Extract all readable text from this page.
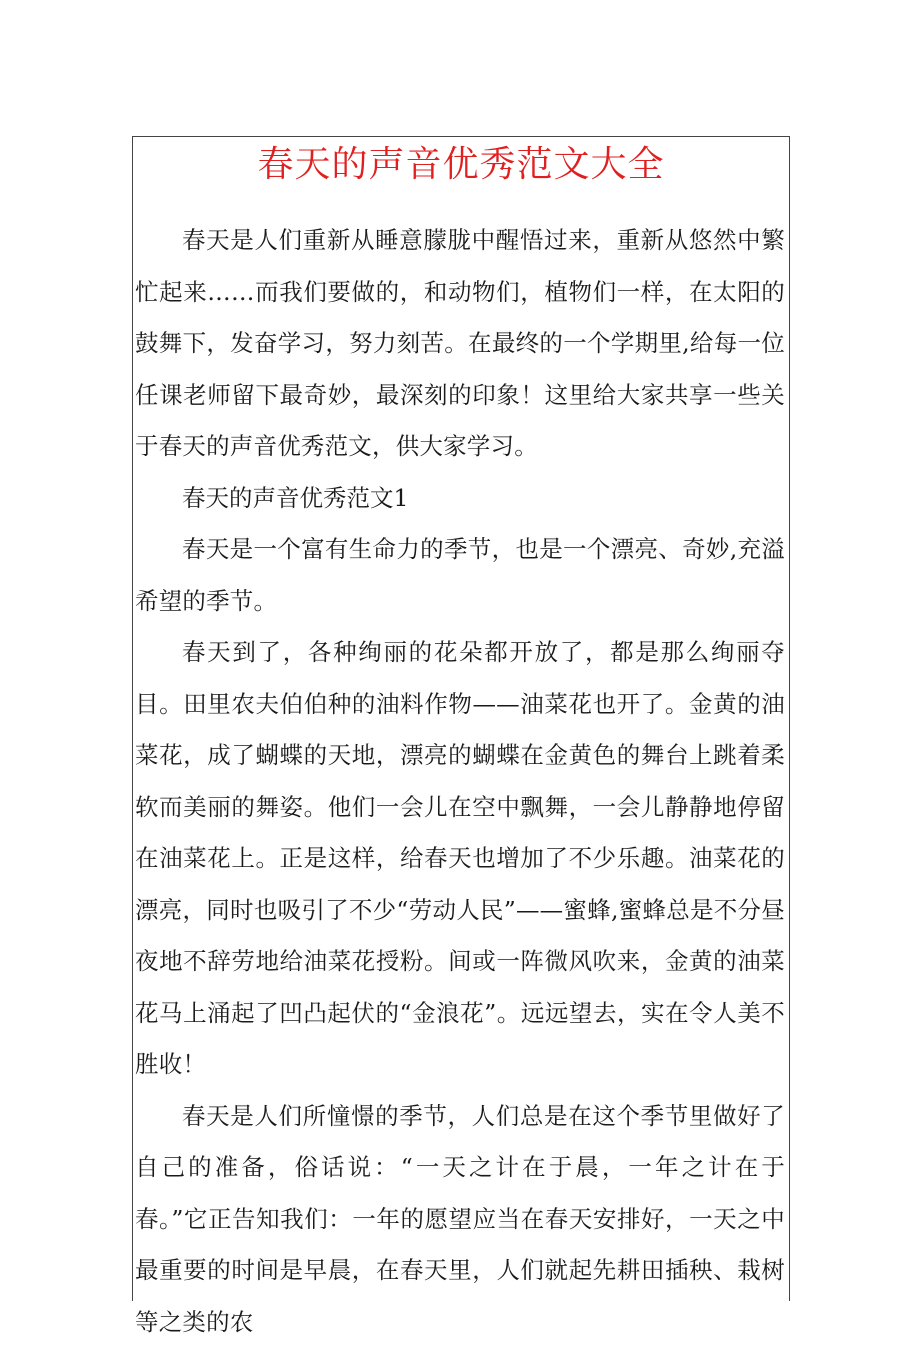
春天的声音优秀范文大全

春天是人们重新从睡意朦胧中醒悟过来，重新从悠然中繁忙起来……而我们要做的，和动物们，植物们一样，在太阳的鼓舞下，发奋学习，努力刻苦。在最终的一个学期里,给每一位任课老师留下最奇妙，最深刻的印象！这里给大家共享一些关于春天的声音优秀范文，供大家学习。

春天的声音优秀范文1

春天是一个富有生命力的季节，也是一个漂亮、奇妙,充溢希望的季节。

春天到了，各种绚丽的花朵都开放了，都是那么绚丽夺目。田里农夫伯伯种的油料作物——油菜花也开了。金黄的油菜花，成了蝴蝶的天地，漂亮的蝴蝶在金黄色的舞台上跳着柔软而美丽的舞姿。他们一会儿在空中飘舞，一会儿静静地停留在油菜花上。正是这样，给春天也增加了不少乐趣。油菜花的漂亮，同时也吸引了不少“劳动人民”——蜜蜂,蜜蜂总是不分昼夜地不辞劳地给油菜花授粉。间或一阵微风吹来，金黄的油菜花马上涌起了凹凸起伏的“金浪花”。远远望去，实在令人美不胜收！

春天是人们所憧憬的季节，人们总是在这个季节里做好了自己的准备，俗话说：“一天之计在于晨，一年之计在于春。”它正告知我们：一年的愿望应当在春天安排好，一天之中最重要的时间是早晨，在春天里，人们就起先耕田插秧、栽树等之类的农
